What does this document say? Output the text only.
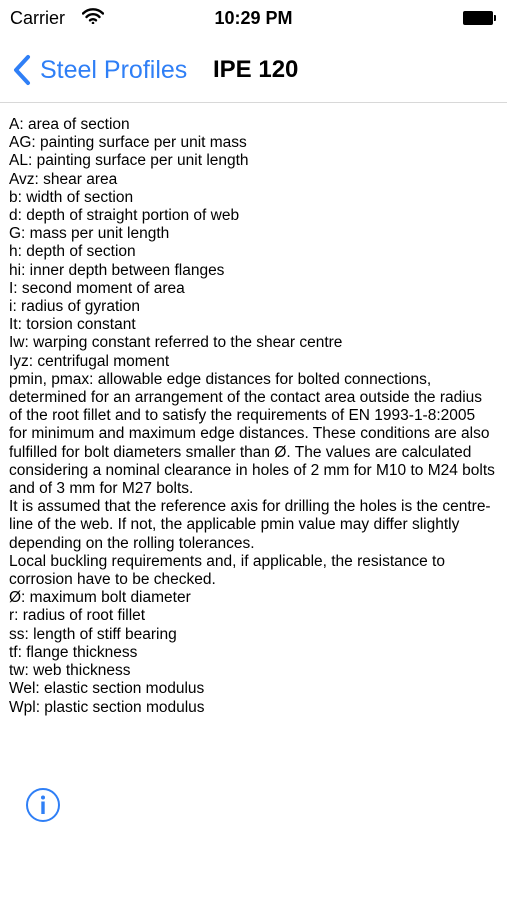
Carrier	10:29 PM
Steel Profiles IPE 120
A: area of section
AG: painting surface per unit mass
AL: painting surface per unit length
Avz: shear area
b: width of section
d: depth of straight portion of web
G: mass per unit length
h: depth of section
hi: inner depth between flanges
I: second moment of area
i: radius of gyration
It: torsion constant
Iw: warping constant referred to the shear centre
Iyz: centrifugal moment
pmin, pmax: allowable edge distances for bolted connections,
determined for an arrangement of the contact area outside the radius
of the root fillet and to satisfy the requirements of EN 1993-1-8:2005
for minimum and maximum edge distances. These conditions are also
fulfilled for bolt diameters smaller than Ø. The values are calculated
considering a nominal clearance in holes of 2 mm for M10 to M24 bolts
and of 3 mm for M27 bolts.
It is assumed that the reference axis for drilling the holes is the centre-
line of the web. If not, the applicable pmin value may differ slightly
depending on the rolling tolerances.
Local buckling requirements and, if applicable, the resistance to
corrosion have to be checked.
Ø: maximum bolt diameter
r: radius of root fillet
ss: length of stiff bearing
tf: flange thickness
tw: web thickness
Wel: elastic section modulus
Wpl: plastic section modulus
